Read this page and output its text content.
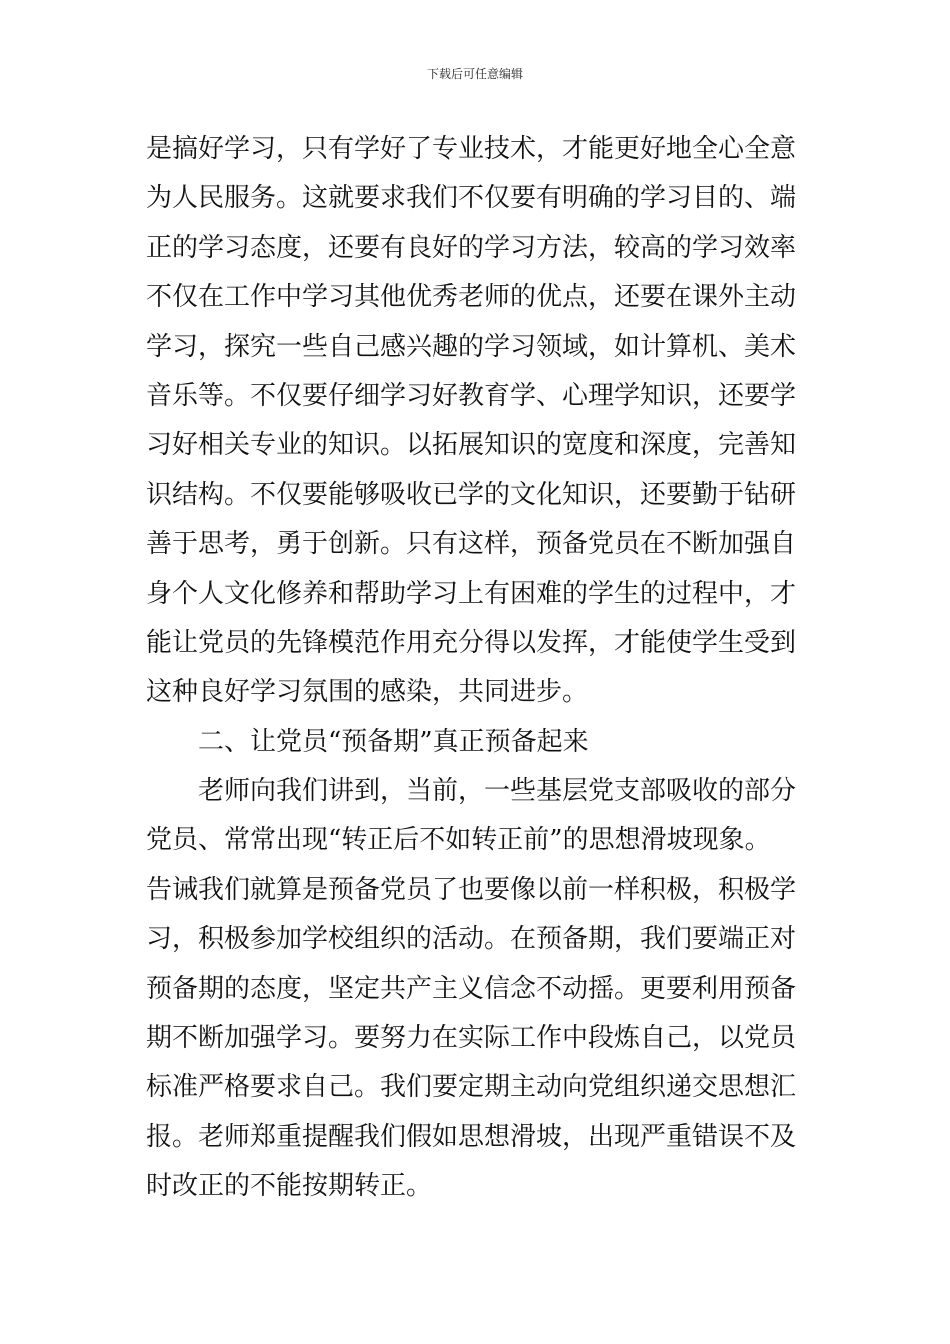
下载后可任意编辑
是搞好学习，只有学好了专业技术，才能更好地全心全意
为人民服务。这就要求我们不仅要有明确的学习目的、端
正的学习态度，还要有良好的学习方法，较高的学习效率
不仅在工作中学习其他优秀老师的优点，还要在课外主动
学习，探究一些自己感兴趣的学习领域，如计算机、美术
音乐等。不仅要仔细学习好教育学、心理学知识，还要学
习好相关专业的知识。以拓展知识的宽度和深度，完善知
识结构。不仅要能够吸收已学的文化知识，还要勤于钻研
善于思考，勇于创新。只有这样，预备党员在不断加强自
身个人文化修养和帮助学习上有困难的学生的过程中，才
能让党员的先锋模范作用充分得以发挥，才能使学生受到
这种良好学习氛围的感染，共同进步。
二、让党员“预备期”真正预备起来
老师向我们讲到，当前，一些基层党支部吸收的部分
党员、常常出现“转正后不如转正前”的思想滑坡现象。
告诫我们就算是预备党员了也要像以前一样积极，积极学
习，积极参加学校组织的活动。在预备期，我们要端正对
预备期的态度，坚定共产主义信念不动摇。更要利用预备
期不断加强学习。要努力在实际工作中段炼自己，以党员
标准严格要求自己。我们要定期主动向党组织递交思想汇
报。老师郑重提醒我们假如思想滑坡，出现严重错误不及
时改正的不能按期转正。
